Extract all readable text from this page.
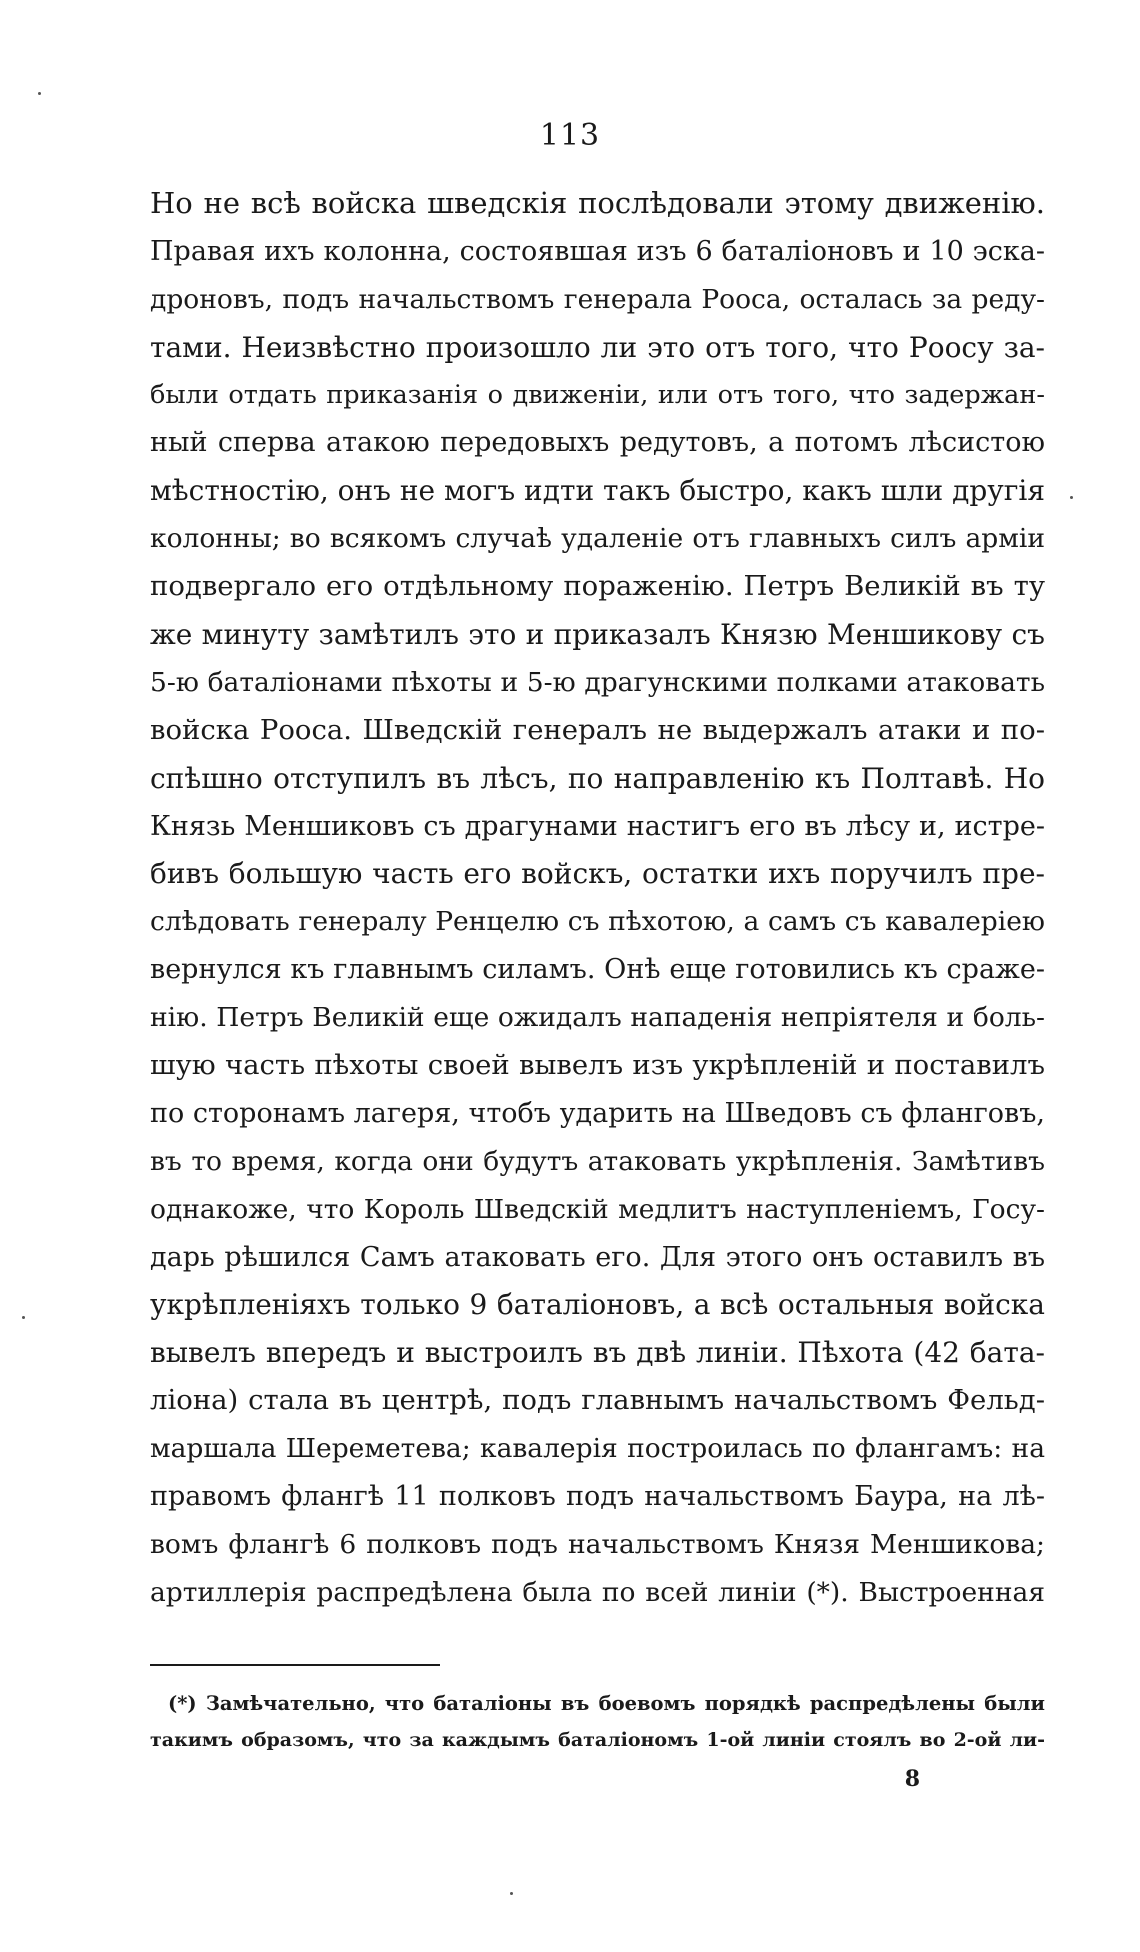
113
Но не всѣ войска шведскія послѣдовали этому движенію.
Правая ихъ колонна, состоявшая изъ 6 баталіоновъ и 10 эска-
дроновъ, подъ начальствомъ генерала Рооса, осталась за реду-
тами. Неизвѣстно произошло ли это отъ того, что Роосу за-
были отдать приказанія о движеніи, или отъ того, что задержан-
ный сперва атакою передовыхъ редутовъ, а потомъ лѣсистою
мѣстностію, онъ не могъ идти такъ быстро, какъ шли другія
колонны; во всякомъ случаѣ удаленіе отъ главныхъ силъ арміи
подвергало его отдѣльному пораженію. Петръ Великій въ ту
же минуту замѣтилъ это и приказалъ Князю Меншикову съ
5-ю баталіонами пѣхоты и 5-ю драгунскими полками атаковать
войска Рооса. Шведскій генералъ не выдержалъ атаки и по-
спѣшно отступилъ въ лѣсъ, по направленію къ Полтавѣ. Но
Князь Меншиковъ съ драгунами настигъ его въ лѣсу и, истре-
бивъ большую часть его войскъ, остатки ихъ поручилъ пре-
слѣдовать генералу Ренцелю съ пѣхотою, а самъ съ кавалеріею
вернулся къ главнымъ силамъ. Онѣ еще готовились къ сраже-
нію. Петръ Великій еще ожидалъ нападенія непріятеля и боль-
шую часть пѣхоты своей вывелъ изъ укрѣпленій и поставилъ
по сторонамъ лагеря, чтобъ ударить на Шведовъ съ фланговъ,
въ то время, когда они будутъ атаковать укрѣпленія. Замѣтивъ
однакоже, что Король Шведскій медлитъ наступленіемъ, Госу-
дарь рѣшился Самъ атаковать его. Для этого онъ оставилъ въ
укрѣпленіяхъ только 9 баталіоновъ, а всѣ остальныя войска
вывелъ впередъ и выстроилъ въ двѣ линіи. Пѣхота (42 бата-
ліона) стала въ центрѣ, подъ главнымъ начальствомъ Фельд-
маршала Шереметева; кавалерія построилась по флангамъ: на
правомъ флангѣ 11 полковъ подъ начальствомъ Баура, на лѣ-
вомъ флангѣ 6 полковъ подъ начальствомъ Князя Меншикова;
артиллерія распредѣлена была по всей линіи (*). Выстроенная
(*) Замѣчательно, что баталіоны въ боевомъ порядкѣ распредѣлены были
такимъ образомъ, что за каждымъ баталіономъ 1-ой линіи стоялъ во 2-ой ли-
8
